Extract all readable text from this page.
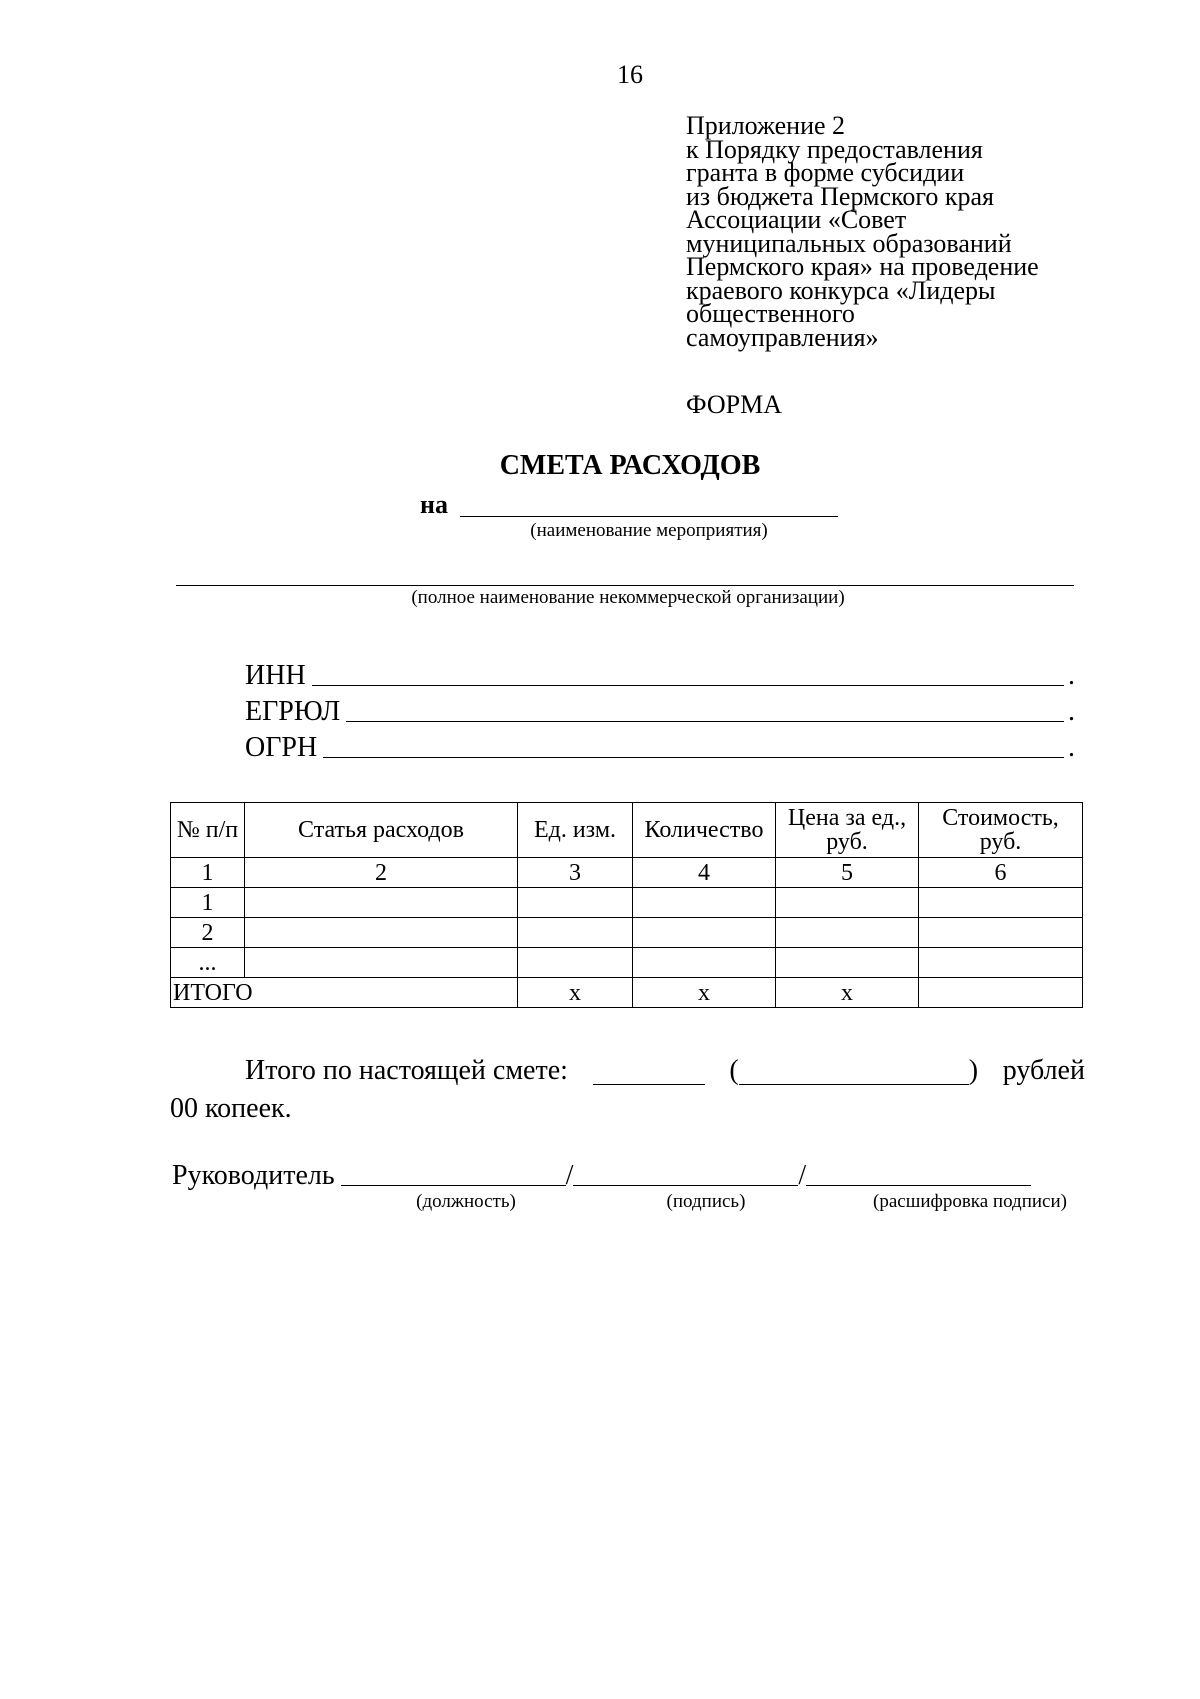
16
Приложение 2
к Порядку предоставления
гранта в форме субсидии
из бюджета Пермского края
Ассоциации «Совет
муниципальных образований
Пермского края» на проведение
краевого конкурса «Лидеры
общественного
самоуправления»
ФОРМА
СМЕТА РАСХОДОВ
на
(наименование мероприятия)
(полное наименование некоммерческой организации)
ИНН	.
ЕГРЮЛ	.
ОГРН	.
№ п/п	Статья расходов	Ед. изм.	Количество	Цена за ед., руб.	Стоимость, руб.
1	2	3	4	5	6
1					
2					
...					
ИТОГО		х	х	х	
Итого по настоящей смете:	(	) рублей
00 копеек.
Руководитель	/	/
(должность)	(подпись)	(расшифровка подписи)
